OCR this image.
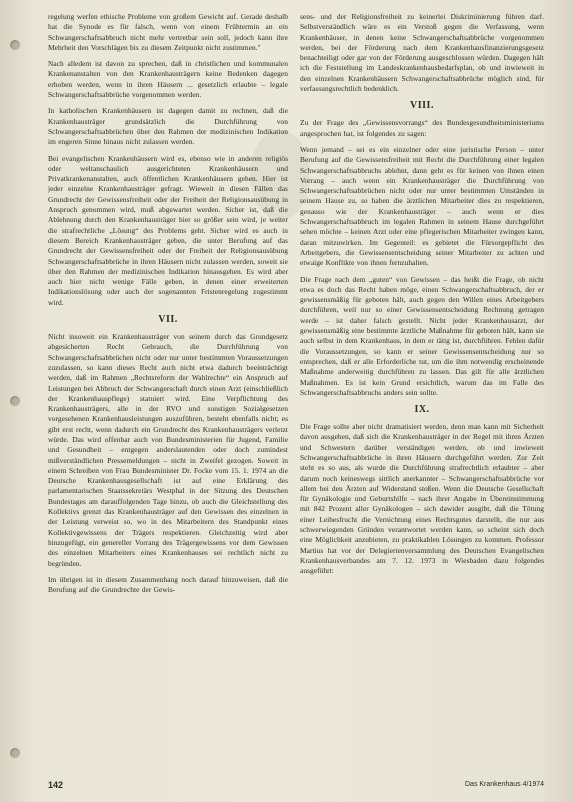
regelung werfen ethische Probleme von großem Gewicht auf. Gerade deshalb hat die Synode es für falsch, wenn von einem Frühtermin an ein Schwangerschaftsabbruch nicht mehr vertretbar sein soll, jedoch kann ihre Mehrheit den Vorschlägen bis zu diesem Zeitpunkt nicht zustimmen."

Nach alledem ist davon zu sprechen, daß in christlichen und kommunalen Krankenanstalten von den Krankenhausträgern keine Bedenken dagegen erhoben werden, wenn in ihren Häusern ... gesetzlich erlaubte – legale Schwangerschaftsabbrüche vorgenommen werden.

In katholischen Krankenhäusern ist dagegen damit zu rechnen, daß die Krankenhausträger grundsätzlich die Durchführung von Schwangerschaftsabbrüchen über den Rahmen der medizinischen Indikation im engeren Sinne hinaus nicht zulassen werden.

Bei evangelischen Krankenhäusern wird es, ebenso wie in anderen religiös oder weltanschaulich ausgerichteten Krankenhäusern und Privatkrankenanstalten, auch öffentlichen Krankenhäusern gehen. Hier ist jeder einzelne Krankenhausträger gefragt. Wieweit in diesen Fällen das Grundrecht der Gewissensfreiheit oder der Freiheit der Religionsausübung in Anspruch genommen wird, muß abgewartet werden. Sicher ist, daß die Ablehnung durch den Krankenhausträger hier so größer sein wird, je weiter die strafrechtliche „Lösung“ des Problems geht. Sicher wird es auch in diesem Bereich Krankenhausträger geben, die unter Berufung auf das Grundrecht der Gewissensfreiheit oder der Freiheit der Religionsausübung Schwangerschaftsabbrüche in ihren Häusern nicht zulassen werden, soweit sie über den Rahmen der medizinischen Indikation hinausgehen. Es wird aber auch hier nicht wenige Fälle geben, in denen einer erweiterten Indikationslösung oder auch der sogenannten Fristenregelung zugestimmt wird.

VII.

Nicht insoweit ein Krankenhausträger von seinem durch das Grundgesetz abgesicherten Recht Gebrauch, die Durchführung von Schwangerschaftsabbrüchen nicht oder nur unter bestimmten Voraussetzungen zuzulassen, so kann dieses Recht auch nicht etwa dadurch beeinträchtigt werden, daß im Rahmen „Rechtsreform der Wahlrechte“ ein Anspruch auf Leistungen bei Abbruch der Schwangerschaft durch einen Arzt (einschließlich der Krankenhauspflege) statuiert wird. Eine Verpflichtung des Krankenhausträgers, alle in der RVO und sonstigen Sozialgesetzen vorgesehenen Krankenhausleistungen auszuführen, besteht ebenfalls nicht; es gibt erst recht, wenn dadurch ein Grundrecht des Krankenhausträgers verletzt würde. Das wird offenbar auch von Bundesministerien für Jugend, Familie und Gesundheit – entgegen anderslautenden oder doch zumindest mißverständlichen Pressemeldungen – nicht in Zweifel gezogen. Soweit in einem Schreiben von Frau Bundesminister Dr. Focke vom 15. 1. 1974 an die Deutsche Krankenhausgesellschaft ist auf eine Erklärung des parlamentarischen Staatssekretärs Westphal in der Sitzung des Deutschen Bundestages am darauffolgenden Tage hinzu, ob auch die Gleichstellung des Kollektivs grenzt das Krankenhausträger auf den Gewissen des einzelnen in der Leistung verweist so, wo in des Mitarbeitern des Standpunkt eines Kollektivgewissens der Trägers respektieren. Gleichzeitig wird aber hinzugefügt, ein genereller Vorrang des Trägergewissens vor dem Gewissen des einzelnen Mitarbeiters eines Krankenhauses sei rechtlich nicht zu begründen.

Im übrigen ist in diesem Zusammenhang noch darauf hinzuweisen, daß die Berufung auf die Grundrechte der Gewis-

sens- und der Religionsfreiheit zu keinerlei Diskriminierung führen darf. Selbstverständlich wäre es ein Verstoß gegen die Verfassung, wenn Krankenhäuser, in denen keine Schwangerschaftsabbrüche vorgenommen werden, bei der Förderung nach dem Krankenhausfinanzierungsgesetz benachteiligt oder gar von der Förderung ausgeschlossen würden. Dagegen hält ich die Feststellung im Landeskrankenhausbedarfsplan, ob und inwieweit in den einzelnen Krankenhäusern Schwangerschaftsabbrüche möglich sind, für verfassungsrechtlich bedenklich.

VIII.

Zu der Frage des „Gewissensvorrangs“ des Bundesgesundheitsministeriums angesprochen hat, ist folgendes zu sagen:

Wenn jemand – sei es ein einzelner oder eine juristische Person – unter Berufung auf die Gewissensfreiheit mit Recht die Durchführung einer legalen Schwangerschaftsabbruchs ablehnt, dann geht es für keinen von ihnen einen Vorrang – auch wenn ein Krankenhausträger die Durchführung von Schwangerschaftsabbrüchen nicht oder nur unter bestimmten Umständen in seinem Hause zu, so haben die ärztlichen Mitarbeiter dies zu respektieren, genauso wie der Krankenhausträger – auch wenn er dies Schwangerschaftsabbruch im legalen Rahmen in seinem Hause durchgeführt sehen möchte – keinen Arzt oder eine pflegerischen Mitarbeiter zwingen kann, daran mitzuwirken. Im Gegenteil: es gebietet die Fürsorgepflicht des Arbeitgebers, die Gewissensentscheidung seiner Mitarbeiter zu achten und etwaige Konflikte von ihnen fernzuhalten.

Die Frage nach dem „guten“ von Gewissen – das heißt die Frage, ob nicht etwa es doch das Recht haben möge, einen Schwangerschaftsabbruch, der er gewissensmäßig für geboten hält, auch gegen den Willen eines Arbeitgebers durchführen, weil nur so einer Gewissensentscheidung Rechnung getragen werde – ist daher falsch gestellt. Nicht jeder Krankenhausarzt, der gewissensmäßig eine bestimmte ärztliche Maßnahme für geboten hält, kann sie auch selbst in dem Krankenhaus, in dem er tätig ist, durchführen. Fehlen dafür die Voraussetzungen, so kann er seiner Gewissensentscheidung nur so entsprechen, daß er alle Erforderliche tut, um die ihm notwendig erscheinende Maßnahme anderweitig durchführen zu lassen. Das gilt für alle ärztlichen Maßnahmen. Es ist kein Grund ersichtlich, warum das im Falle des Schwangerschaftsabbruchs anders sein sollte.

IX.

Die Frage sollte aber nicht dramatisiert werden, denn man kann mit Sicherheit davon ausgehen, daß sich die Krankenhausträger in der Regel mit ihren Ärzten und Schwestern darüber verständigen werden, ob und inwieweit Schwangerschaftsabbrüche in ihren Häusern durchgeführt werden. Zur Zeit steht es so aus, als wurde die Durchführung strafrechtlich erlaubter – aber darum noch keineswegs sittlich anerkannter – Schwangerschaftsabbrüche vor allem bei den Ärzten auf Widerstand stoßen. Wenn die Deutsche Gesellschaft für Gynäkologie und Geburtshilfe – nach ihrer Angabe in Übereinstimmung mit 842 Prozent aller Gynäkologen – sich dawider ausgibt, daß die Tötung einer Leibesfrucht die Vernichtung eines Rechtsgutes darstellt, die nur aus schwerwiegenden Gründen verantwortet werden kann, so scheint sich doch eine Möglichkeit anzubieten, zu praktikablen Lösungen zu kommen. Professor Martius hat vor der Delegiertenversammlung des Deutschen Evangelischen Krankenhausverbandes am 7. 12. 1973 in Wiesbaden dazu folgendes ausgeführt:

142	Das Krankenhaus 4/1974
